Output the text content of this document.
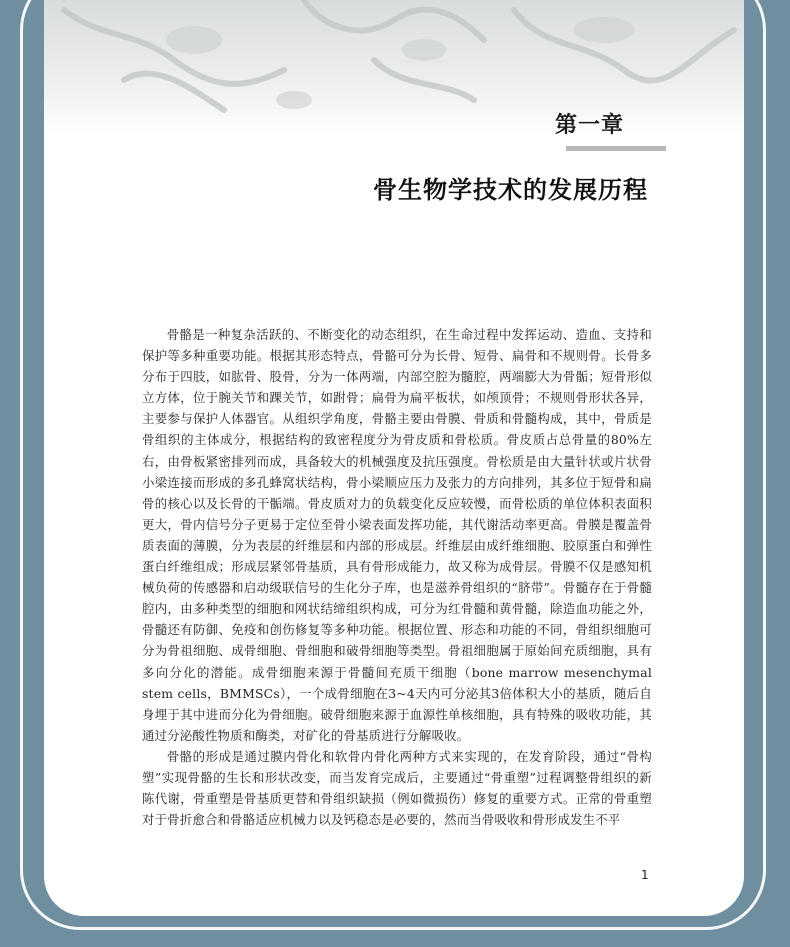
第一章
骨生物学技术的发展历程

骨骼是一种复杂活跃的、不断变化的动态组织，在生命过程中发挥运动、造血、支持和保护等多种重要功能。根据其形态特点，骨骼可分为长骨、短骨、扁骨和不规则骨。长骨多分布于四肢，如肱骨、股骨，分为一体两端，内部空腔为髓腔，两端膨大为骨骺；短骨形似立方体，位于腕关节和踝关节，如跗骨；扁骨为扁平板状，如颅顶骨；不规则骨形状各异，主要参与保护人体器官。从组织学角度，骨骼主要由骨膜、骨质和骨髓构成，其中，骨质是骨组织的主体成分，根据结构的致密程度分为骨皮质和骨松质。骨皮质占总骨量的80%左右，由骨板紧密排列而成，具备较大的机械强度及抗压强度。骨松质是由大量针状或片状骨小梁连接而形成的多孔蜂窝状结构，骨小梁顺应压力及张力的方向排列，其多位于短骨和扁骨的核心以及长骨的干骺端。骨皮质对力的负载变化反应较慢，而骨松质的单位体积表面积更大，骨内信号分子更易于定位至骨小梁表面发挥功能，其代谢活动率更高。骨膜是覆盖骨质表面的薄膜，分为表层的纤维层和内部的形成层。纤维层由成纤维细胞、胶原蛋白和弹性蛋白纤维组成；形成层紧邻骨基质，具有骨形成能力，故又称为成骨层。骨膜不仅是感知机械负荷的传感器和启动级联信号的生化分子库，也是滋养骨组织的“脐带”。骨髓存在于骨髓腔内，由多种类型的细胞和网状结缔组织构成，可分为红骨髓和黄骨髓，除造血功能之外，骨髓还有防御、免疫和创伤修复等多种功能。根据位置、形态和功能的不同，骨组织细胞可分为骨祖细胞、成骨细胞、骨细胞和破骨细胞等类型。骨祖细胞属于原始间充质细胞，具有多向分化的潜能。成骨细胞来源于骨髓间充质干细胞（bone marrow mesenchymal stem cells，BMMSCs），一个成骨细胞在3~4天内可分泌其3倍体积大小的基质，随后自身埋于其中进而分化为骨细胞。破骨细胞来源于血源性单核细胞，具有特殊的吸收功能，其通过分泌酸性物质和酶类，对矿化的骨基质进行分解吸收。

骨骼的形成是通过膜内骨化和软骨内骨化两种方式来实现的，在发育阶段，通过“骨构塑”实现骨骼的生长和形状改变，而当发育完成后，主要通过“骨重塑”过程调整骨组织的新陈代谢，骨重塑是骨基质更替和骨组织缺损（例如微损伤）修复的重要方式。正常的骨重塑对于骨折愈合和骨骼适应机械力以及钙稳态是必要的，然而当骨吸收和骨形成发生不平

1
